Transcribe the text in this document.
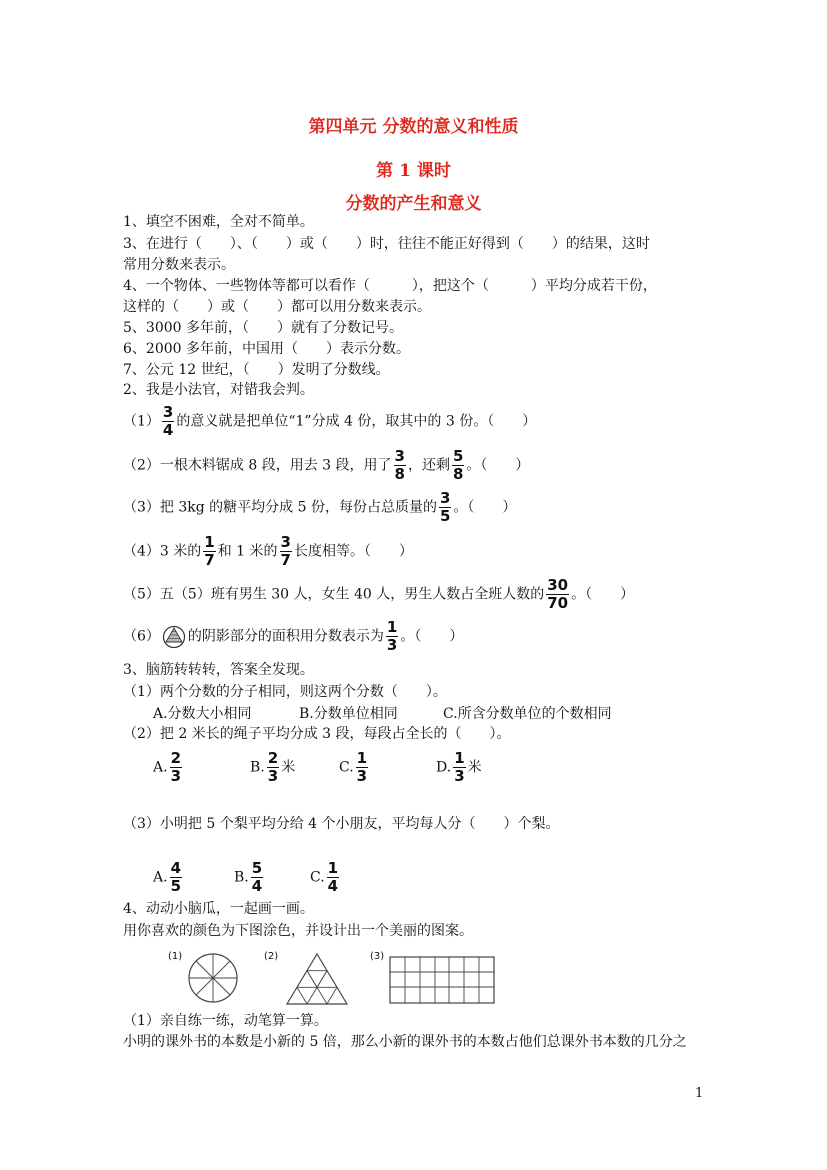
第四单元 分数的意义和性质
第 1 课时
分数的产生和意义
1、填空不困难，全对不简单。
3、在进行（　　）、（　　）或（　　）时，往往不能正好得到（　　）的结果，这时
常用分数来表示。
4、一个物体、一些物体等都可以看作（　　　），把这个（　　　）平均分成若干份，
这样的（　　）或（　　）都可以用分数来表示。
5、3000 多年前，（　　）就有了分数记号。
6、2000 多年前，中国用（　　）表示分数。
7、公元 12 世纪，（　　）发明了分数线。
2、我是小法官，对错我会判。
$(1) \frac{3}{4}$ 的意义就是把单位“1”分成 4 份，取其中的 3 份。（　　）
（2）一根木料锯成 8 段，用去 3 段，用了 $\frac{3}{8}$ ，还剩 $\frac{5}{8}$ 。（　　）
（3）把 3kg 的糖平均分成 5 份，每份占总质量的 $\frac{3}{5}$ 。（　　）
（4）3 米的 $\frac{1}{7}$ 和 1 米的 $\frac{3}{7}$ 长度相等。（　　）
（5）五（5）班有男生 30 人，女生 40 人，男生人数占全班人数的 $\frac{30}{70}$ 。（　　）
（6） 的阴影部分的面积用分数表示为 $\frac{1}{3}$ 。（　　）
3、脑筋转转转，答案全发现。
（1）两个分数的分子相同，则这两个分数（　　）。
A.分数大小相同	B.分数单位相同	C.所含分数单位的个数相同
（2）把 2 米长的绳子平均分成 3 段，每段占全长的（　　）。
A. $\frac{2}{3}$	B. $\frac{2}{3}$ 米	C. $\frac{1}{3}$	D. $\frac{1}{3}$ 米
（3）小明把 5 个梨平均分给 4 个小朋友，平均每人分（　　）个梨。
A. $\frac{4}{5}$	B. $\frac{5}{4}$	C. $\frac{1}{4}$
4、动动小脑瓜，一起画一画。
用你喜欢的颜色为下图涂色，并设计出一个美丽的图案。
(1)	(2)	(3)
（1）亲自练一练，动笔算一算。
小明的课外书的本数是小新的 5 倍，那么小新的课外书的本数占他们总课外书本数的几分之
1
